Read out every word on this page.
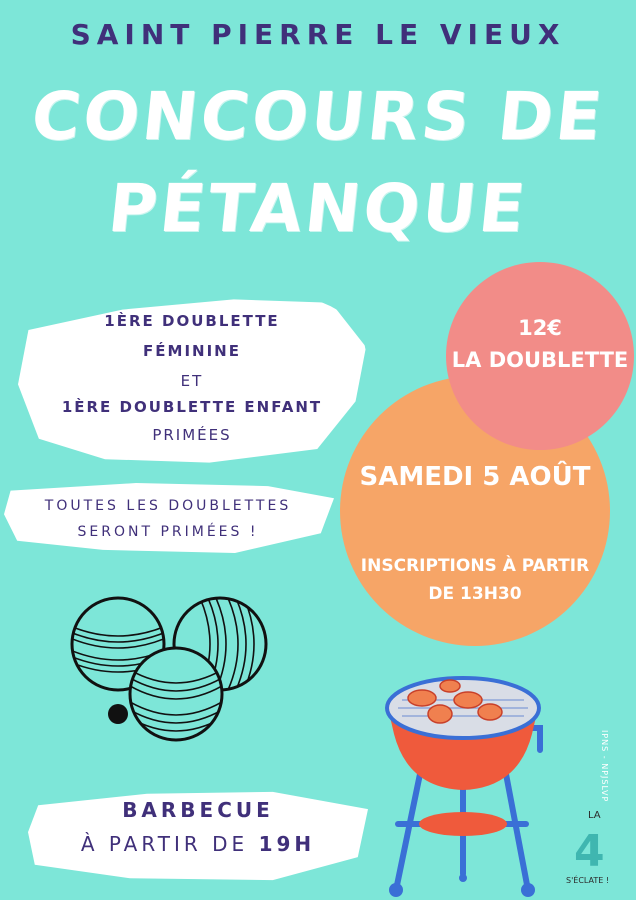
SAINT PIERRE LE VIEUX
CONCOURS DE
PÉTANQUE
1ÈRE DOUBLETTE
FÉMININE
ET
1ÈRE DOUBLETTE ENFANT
PRIMÉES
TOUTES LES DOUBLETTES
SERONT PRIMÉES !
12€
LA DOUBLETTE
SAMEDI 5 AOÛT
INSCRIPTIONS À PARTIR
DE 13H30
BARBECUE
À PARTIR DE 19H
IPNS - NPJSLVP
LA
4
S'ÉCLATE !
